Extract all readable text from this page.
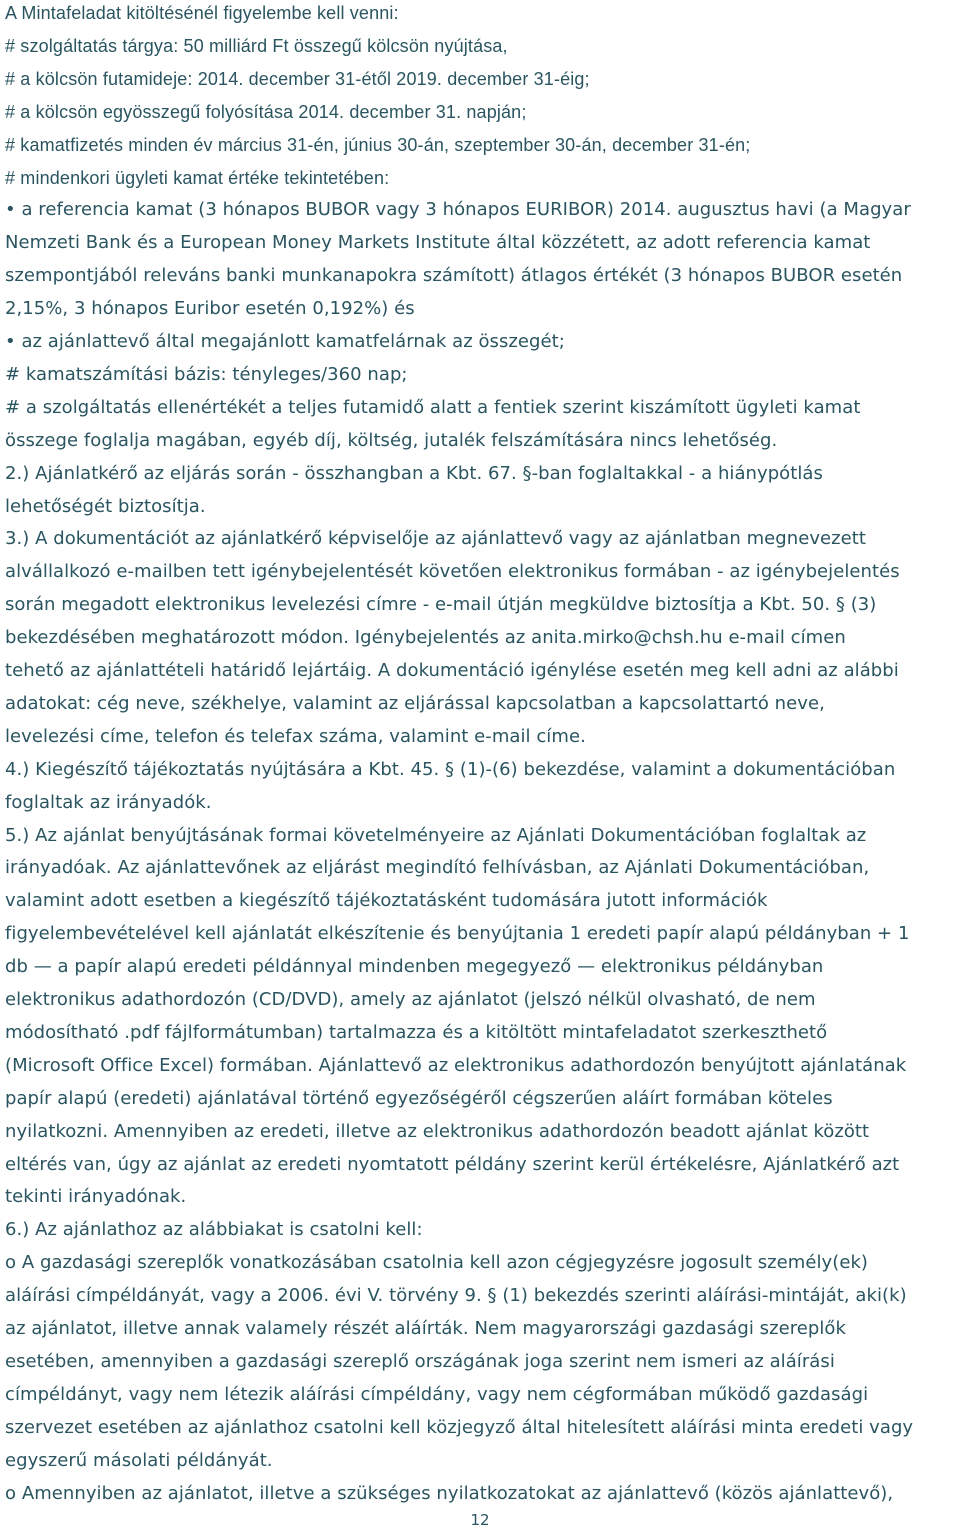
A Mintafeladat kitöltésénél figyelembe kell venni:
# szolgáltatás tárgya: 50 milliárd Ft összegű kölcsön nyújtása,
# a kölcsön futamideje: 2014. december 31-étől 2019. december 31-éig;
# a kölcsön egyösszegű folyósítása 2014. december 31. napján;
# kamatfizetés minden év március 31-én, június 30-án, szeptember 30-án, december 31-én;
# mindenkori ügyleti kamat értéke tekintetében:
• a referencia kamat (3 hónapos BUBOR vagy 3 hónapos EURIBOR) 2014. augusztus havi (a Magyar
Nemzeti Bank és a European Money Markets Institute által közzétett, az adott referencia kamat
szempontjából releváns banki munkanapokra számított) átlagos értékét (3 hónapos BUBOR esetén
2,15%, 3 hónapos Euribor esetén 0,192%) és
• az ajánlattevő által megajánlott kamatfelárnak az összegét;
# kamatszámítási bázis: tényleges/360 nap;
# a szolgáltatás ellenértékét a teljes futamidő alatt a fentiek szerint kiszámított ügyleti kamat
összege foglalja magában, egyéb díj, költség, jutalék felszámítására nincs lehetőség.
2.) Ajánlatkérő az eljárás során - összhangban a Kbt. 67. §-ban foglaltakkal - a hiánypótlás
lehetőségét biztosítja.
3.) A dokumentációt az ajánlatkérő képviselője az ajánlattevő vagy az ajánlatban megnevezett
alvállalkozó e-mailben tett igénybejelentését követően elektronikus formában - az igénybejelentés
során megadott elektronikus levelezési címre - e-mail útján megküldve biztosítja a Kbt. 50. § (3)
bekezdésében meghatározott módon. Igénybejelentés az anita.mirko@chsh.hu e-mail címen
tehető az ajánlattételi határidő lejártáig. A dokumentáció igénylése esetén meg kell adni az alábbi
adatokat: cég neve, székhelye, valamint az eljárással kapcsolatban a kapcsolattartó neve,
levelezési címe, telefon és telefax száma, valamint e-mail címe.
4.) Kiegészítő tájékoztatás nyújtására a Kbt. 45. § (1)-(6) bekezdése, valamint a dokumentációban
foglaltak az irányadók.
5.) Az ajánlat benyújtásának formai követelményeire az Ajánlati Dokumentációban foglaltak az
irányadóak. Az ajánlattevőnek az eljárást megindító felhívásban, az Ajánlati Dokumentációban,
valamint adott esetben a kiegészítő tájékoztatásként tudomására jutott információk
figyelembevételével kell ajánlatát elkészítenie és benyújtania 1 eredeti papír alapú példányban + 1
db — a papír alapú eredeti példánnyal mindenben megegyező — elektronikus példányban
elektronikus adathordozón (CD/DVD), amely az ajánlatot (jelszó nélkül olvasható, de nem
módosítható .pdf fájlformátumban) tartalmazza és a kitöltött mintafeladatot szerkeszthető
(Microsoft Office Excel) formában. Ajánlattevő az elektronikus adathordozón benyújtott ajánlatának
papír alapú (eredeti) ajánlatával történő egyezőségéről cégszerűen aláírt formában köteles
nyilatkozni. Amennyiben az eredeti, illetve az elektronikus adathordozón beadott ajánlat között
eltérés van, úgy az ajánlat az eredeti nyomtatott példány szerint kerül értékelésre, Ajánlatkérő azt
tekinti irányadónak.
6.) Az ajánlathoz az alábbiakat is csatolni kell:
o A gazdasági szereplők vonatkozásában csatolnia kell azon cégjegyzésre jogosult személy(ek)
aláírási címpéldányát, vagy a 2006. évi V. törvény 9. § (1) bekezdés szerinti aláírási-mintáját, aki(k)
az ajánlatot, illetve annak valamely részét aláírták. Nem magyarországi gazdasági szereplők
esetében, amennyiben a gazdasági szereplő országának joga szerint nem ismeri az aláírási
címpéldányt, vagy nem létezik aláírási címpéldány, vagy nem cégformában működő gazdasági
szervezet esetében az ajánlathoz csatolni kell közjegyző által hitelesített aláírási minta eredeti vagy
egyszerű másolati példányát.
o Amennyiben az ajánlatot, illetve a szükséges nyilatkozatokat az ajánlattevő (közös ajánlattevő),
12
